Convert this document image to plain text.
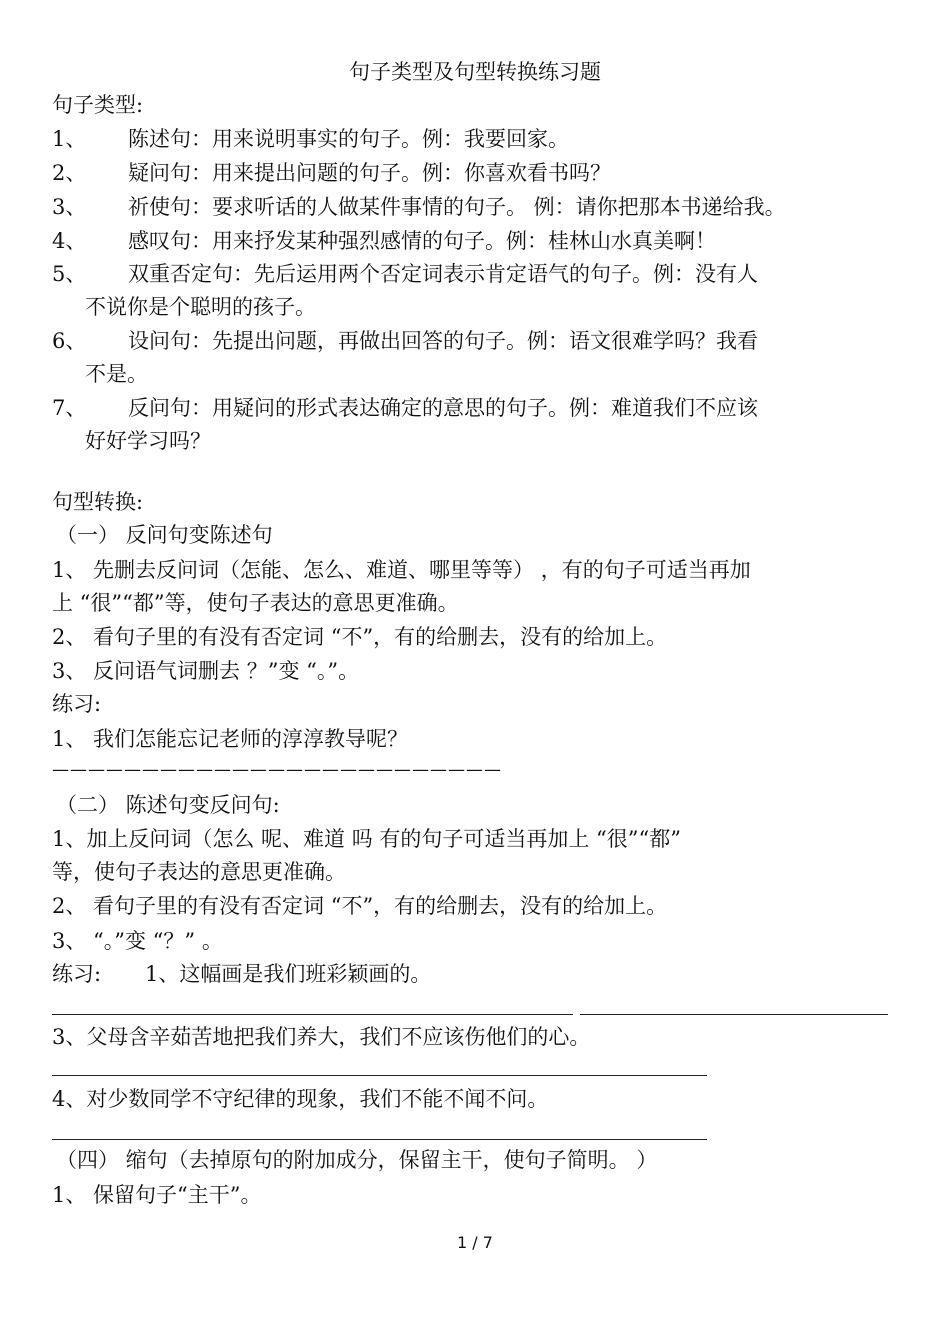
句子类型及句型转换练习题
句子类型:
1、 陈述句：用来说明事实的句子。例：我要回家。
2、 疑问句：用来提出问题的句子。例：你喜欢看书吗？
3、 祈使句：要求听话的人做某件事情的句子。 例：请你把那本书递给我。
4、 感叹句：用来抒发某种强烈感情的句子。例：桂林山水真美啊！
5、 双重否定句：先后运用两个否定词表示肯定语气的句子。例：没有人
不说你是个聪明的孩子。
6、 设问句：先提出问题，再做出回答的句子。例：语文很难学吗？我看
不是。
7、 反问句：用疑问的形式表达确定的意思的句子。例：难道我们不应该
好好学习吗？
句型转换:
（一） 反问句变陈述句
1、 先删去反问词（怎能、怎么、难道、哪里等等） ，有的句子可适当再加
上 “很”“都”等，使句子表达的意思更准确。
2、 看句子里的有没有否定词 “不”，有的给删去，没有的给加上。
3、 反问语气词删去 ？”变 “。”。
练习:
1、 我们怎能忘记老师的淳淳教导呢？
—————————————————————————
（二） 陈述句变反问句:
1、加上反问词（怎么 呢、难道 吗 有的句子可适当再加上 “很”“都”
等，使句子表达的意思更准确。
2、 看句子里的有没有否定词 “不”，有的给删去，没有的给加上。
3、 “。”变 “？” 。
练习: 1、这幅画是我们班彩颖画的。
3、父母含辛茹苦地把我们养大，我们不应该伤他们的心。
4、对少数同学不守纪律的现象，我们不能不闻不问。
（四） 缩句（去掉原句的附加成分，保留主干，使句子简明。 ）
1、 保留句子“主干”。
1 / 7
